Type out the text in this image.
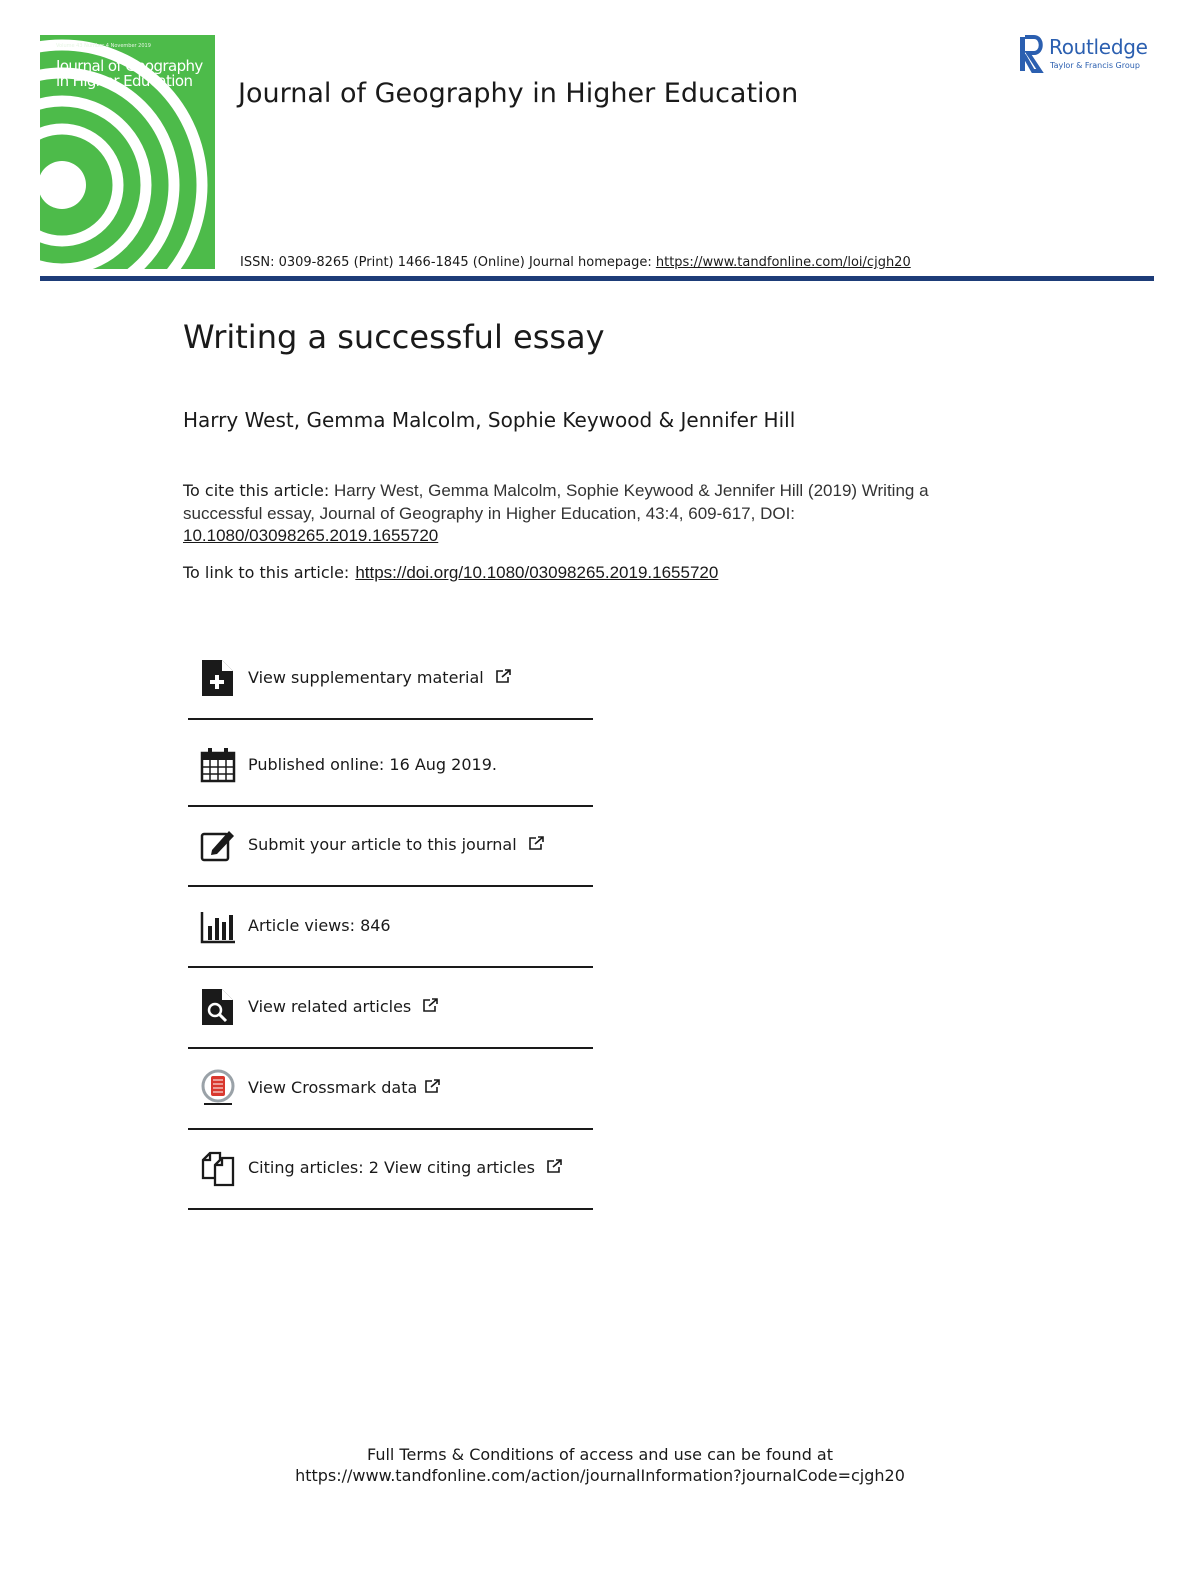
Volume 43 Number 4 November 2019
Journal of Geography in Higher Education
Routledge
Journal of Geography in Higher Education
Routledge
Taylor & Francis Group
ISSN: 0309-8265 (Print) 1466-1845 (Online) Journal homepage: https://www.tandfonline.com/loi/cjgh20
Writing a successful essay
Harry West, Gemma Malcolm, Sophie Keywood & Jennifer Hill
To cite this article: Harry West, Gemma Malcolm, Sophie Keywood & Jennifer Hill (2019) Writing a successful essay, Journal of Geography in Higher Education, 43:4, 609-617, DOI: 10.1080/03098265.2019.1655720
To link to this article: https://doi.org/10.1080/03098265.2019.1655720
View supplementary material
Published online: 16 Aug 2019.
Submit your article to this journal
Article views: 846
View related articles
View Crossmark data
Citing articles: 2 View citing articles
Full Terms & Conditions of access and use can be found at
https://www.tandfonline.com/action/journalInformation?journalCode=cjgh20
